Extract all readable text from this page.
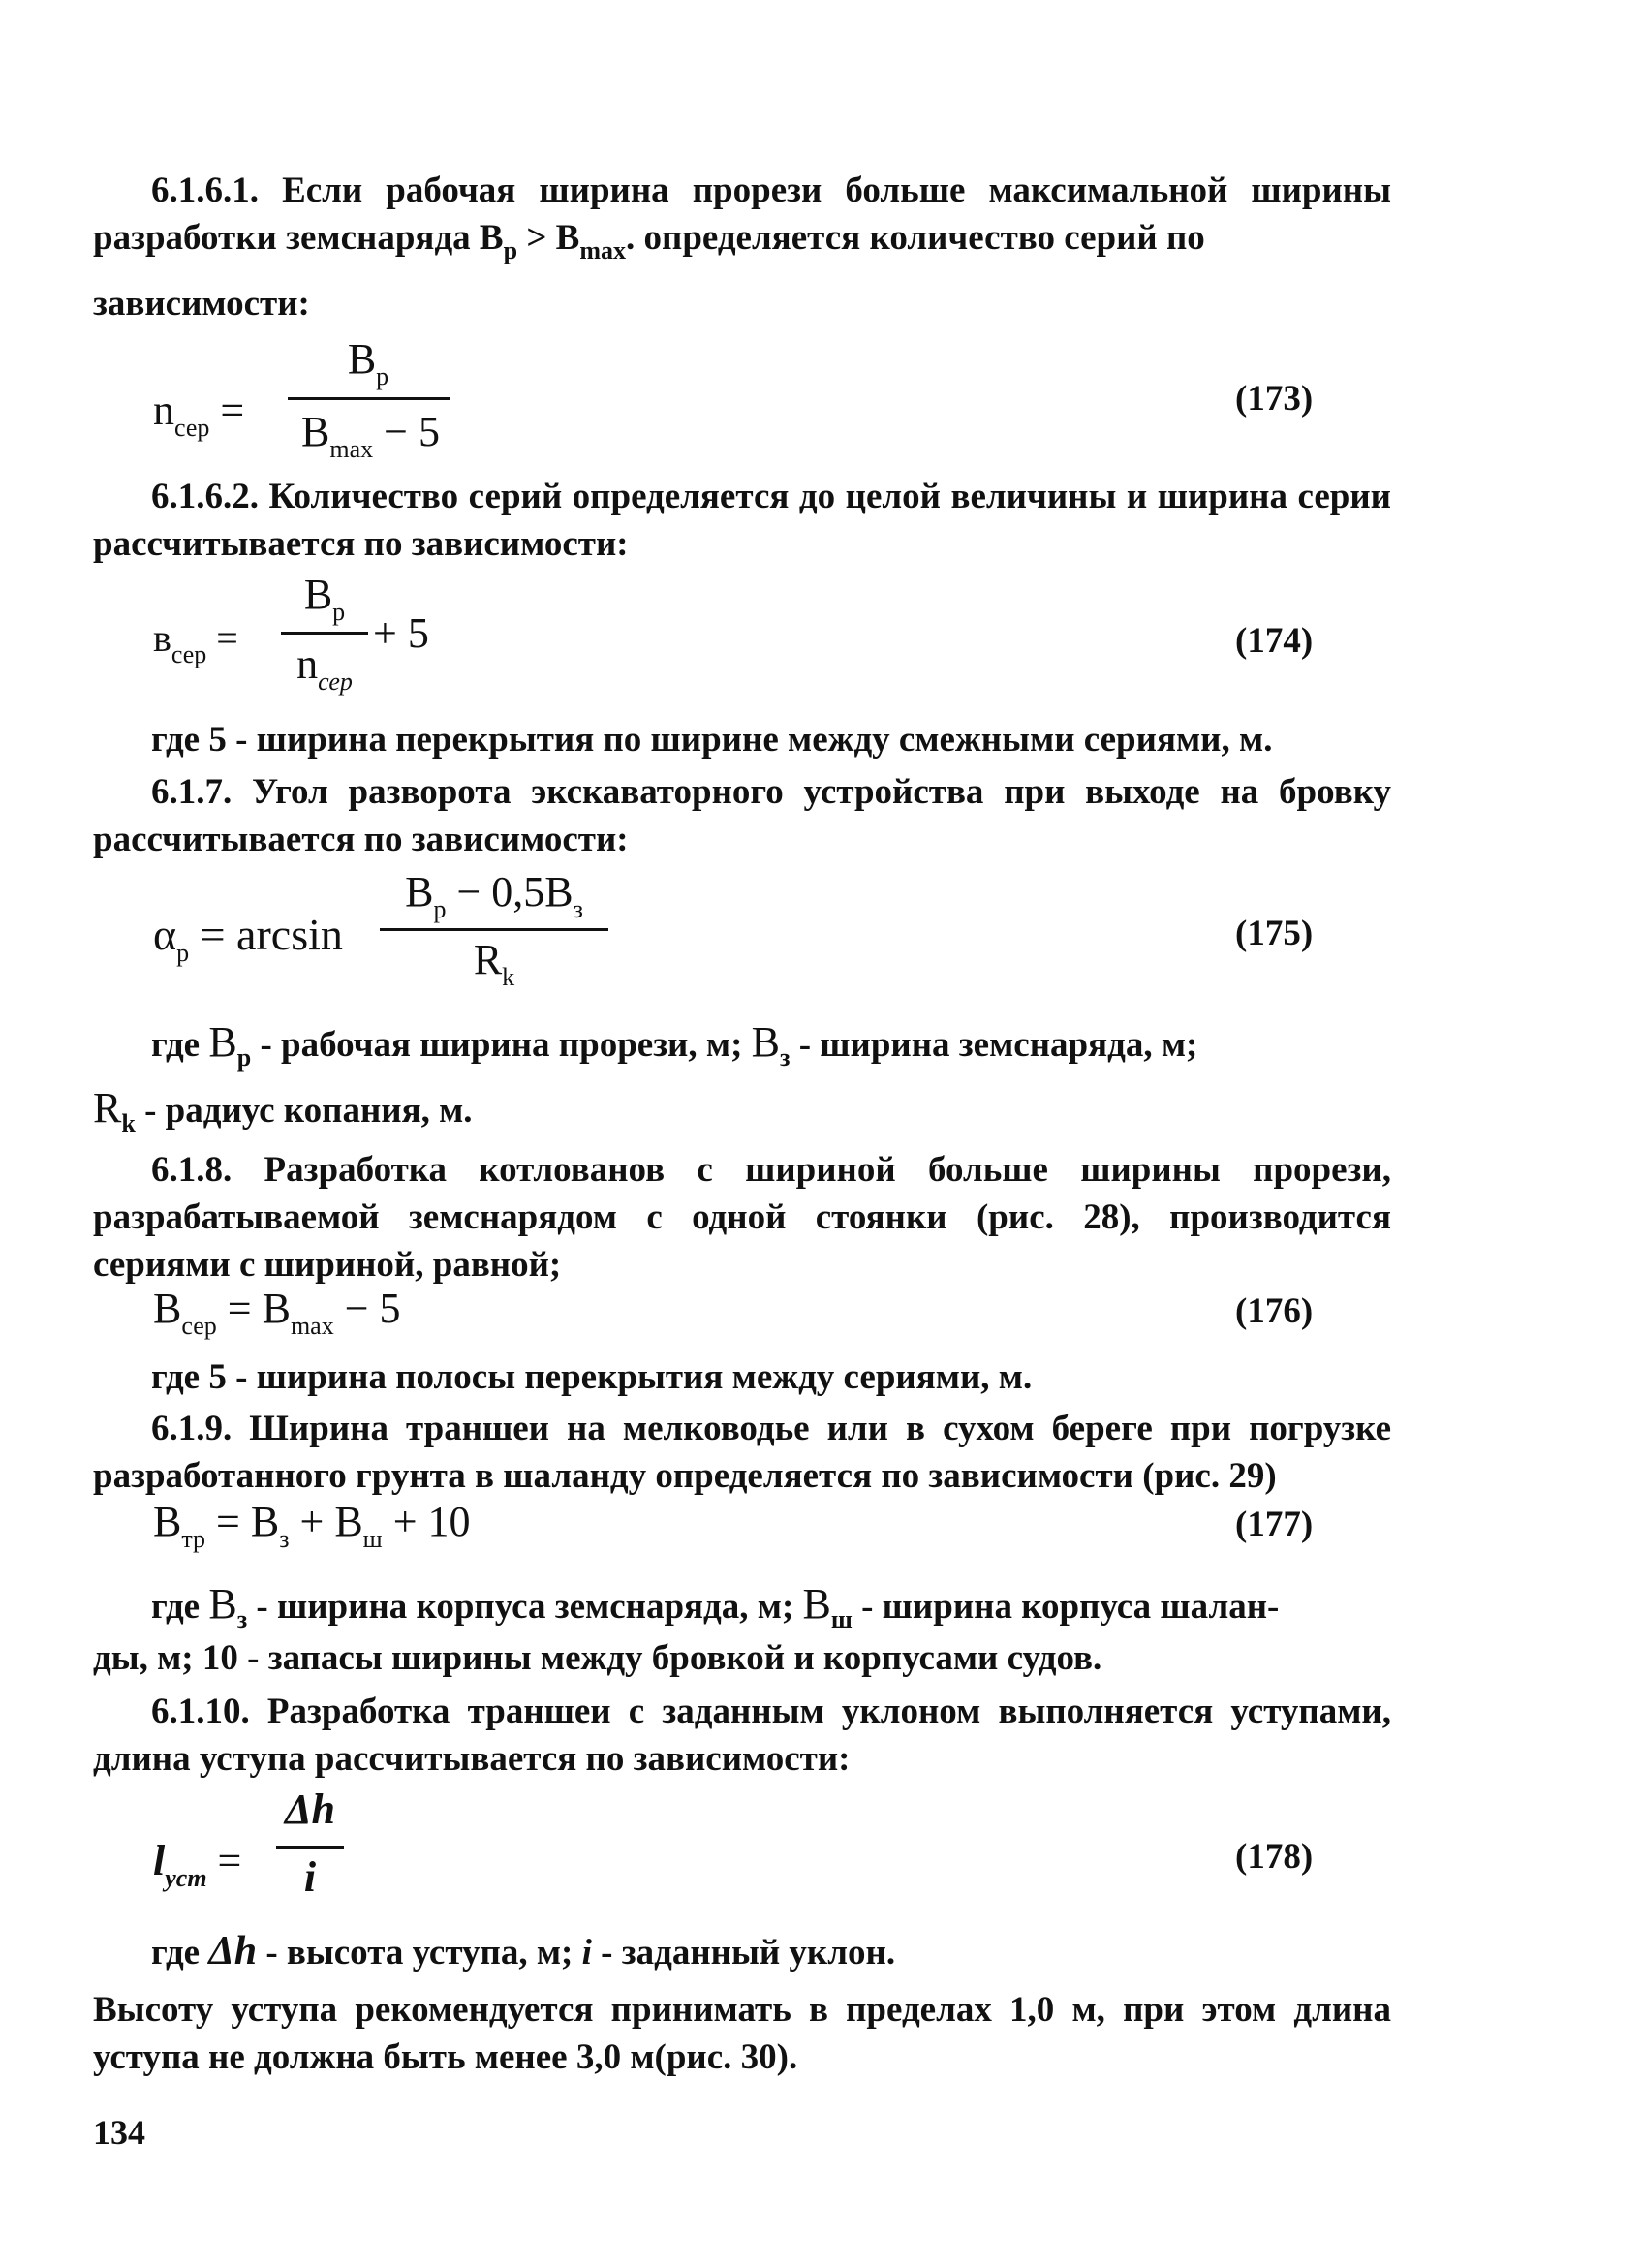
6.1.6.1. Если рабочая ширина прорези больше максимальной ширины разработки земснаряда $B_p > B_{max}$. определяется количество серий по
зависимости:
$n_{сер}$ =
$B_p$
$B_{max} - 5$
(173)
6.1.6.2. Количество серий определяется до целой величины и ширина серии рассчитывается по зависимости:
$в_{сер}$ =
$B_p$
$n_{сер}$
+ 5	(174)
где 5 - ширина перекрытия по ширине между смежными сериями, м.
6.1.7. Угол разворота экскаваторного устройства при выходе на бровку рассчитывается по зависимости:
$\alpha_p = \arcsin$
$B_p - 0,5B_з$
$R_k$
(175)
где $B_p$ - рабочая ширина прорези, м; $B_з$ - ширина земснаряда, м;
$R_k$ - радиус копания, м.
6.1.8. Разработка котлованов с шириной больше ширины прорези, разрабатываемой земснарядом с одной стоянки (рис. 28), производится сериями с шириной, равной;
$B_{сер} = B_{max} - 5$	(176)
где 5 - ширина полосы перекрытия между сериями, м.
6.1.9. Ширина траншеи на мелководье или в сухом береге при погрузке разработанного грунта в шаланду определяется по зависимости (рис. 29)
$B_{тр} = B_з + B_ш + 10$	(177)
где $B_з$ - ширина корпуса земснаряда, м; $B_ш$ - ширина корпуса шалан-
ды, м; 10 - запасы ширины между бровкой и корпусами судов.
6.1.10. Разработка траншеи с заданным уклоном выполняется уступами, длина уступа рассчитывается по зависимости:
$l_{уст}$ =
Δh
i	(178)
где Δh - высота уступа, м; i - заданный уклон.
Высоту уступа рекомендуется принимать в пределах 1,0 м, при этом длина уступа не должна быть менее 3,0 м(рис. 30).
134
